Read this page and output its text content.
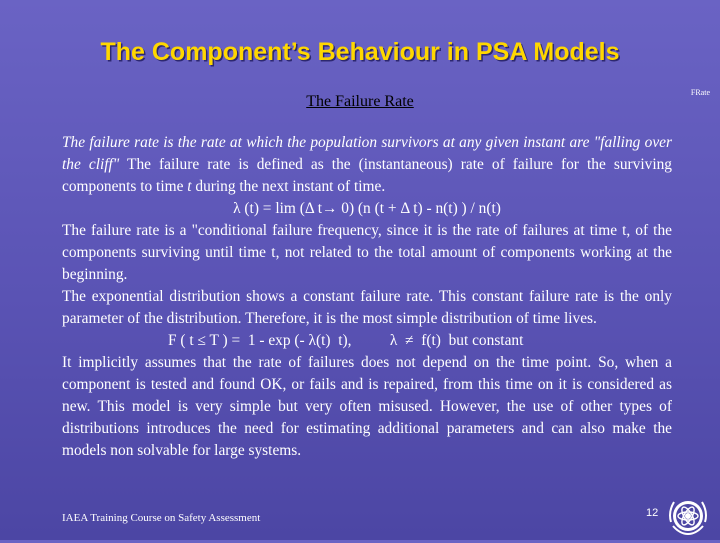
The Component’s Behaviour in PSA Models
FRate
The Failure Rate

The failure rate is the rate at which the population survivors at any given instant are "falling over the cliff" The failure rate is defined as the (instantaneous) rate of failure for the surviving components to time t during the next instant of time.

λ (t) = lim (Δ t→ 0) (n (t + Δ t) - n(t) ) / n(t)

The failure rate is a "conditional failure frequency, since it is the rate of failures at time t, of the components surviving until time t, not related to the total amount of components working at the beginning.

The exponential distribution shows a constant failure rate. This constant failure rate is the only parameter of the distribution. Therefore, it is the most simple distribution of time lives.

F ( t ≤ T ) =  1 - exp (- λ(t)  t),          λ  ≠  f(t)  but constant

It implicitly assumes that the rate of failures does not depend on the time point. So, when a component is tested and found OK, or fails and is repaired, from this time on it is considered as new. This model is very simple but very often misused. However, the use of other types of distributions introduces the need for estimating additional parameters and can also make the models non solvable for large systems.

IAEA Training Course on Safety Assessment	12
